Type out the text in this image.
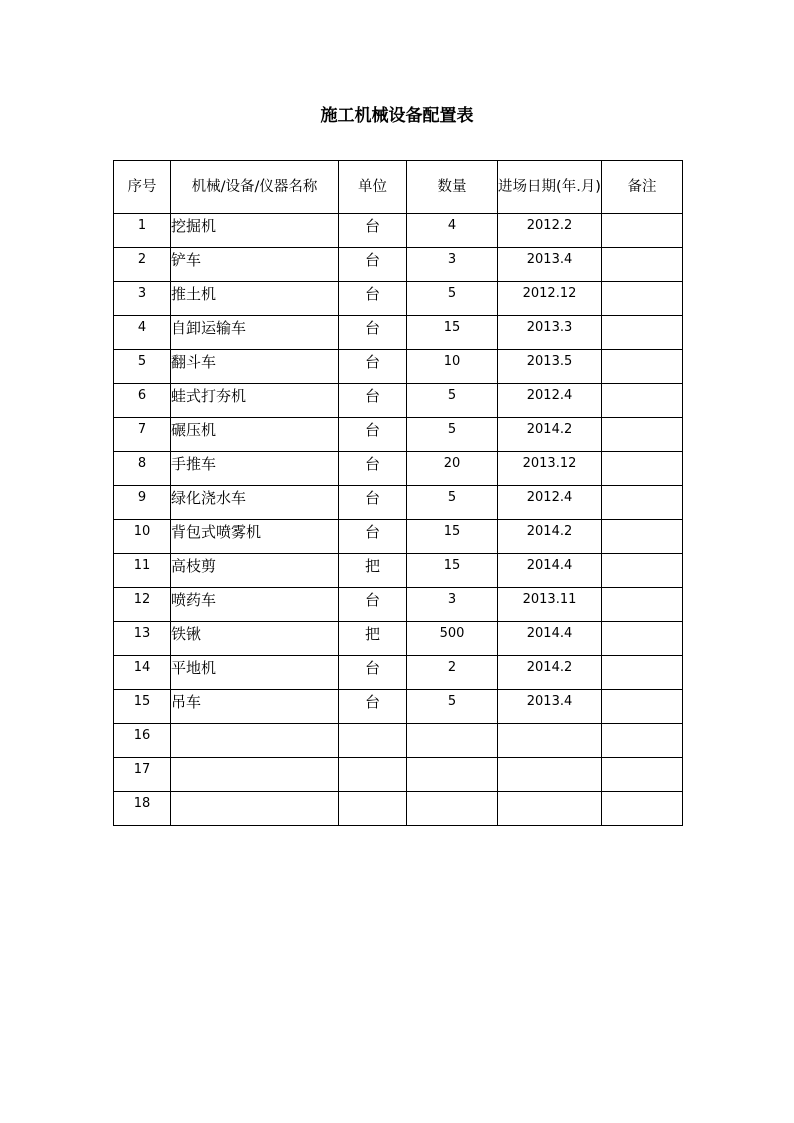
施工机械设备配置表
序号	机械/设备/仪器名称	单位	数量	进场日期(年.月)	备注
1	挖掘机	台	4	2012.2	
2	铲车	台	3	2013.4	
3	推土机	台	5	2012.12	
4	自卸运输车	台	15	2013.3	
5	翻斗车	台	10	2013.5	
6	蛙式打夯机	台	5	2012.4	
7	碾压机	台	5	2014.2	
8	手推车	台	20	2013.12	
9	绿化浇水车	台	5	2012.4	
10	背包式喷雾机	台	15	2014.2	
11	高枝剪	把	15	2014.4	
12	喷药车	台	3	2013.11	
13	铁锹	把	500	2014.4	
14	平地机	台	2	2014.2	
15	吊车	台	5	2013.4	
16					
17					
18					
